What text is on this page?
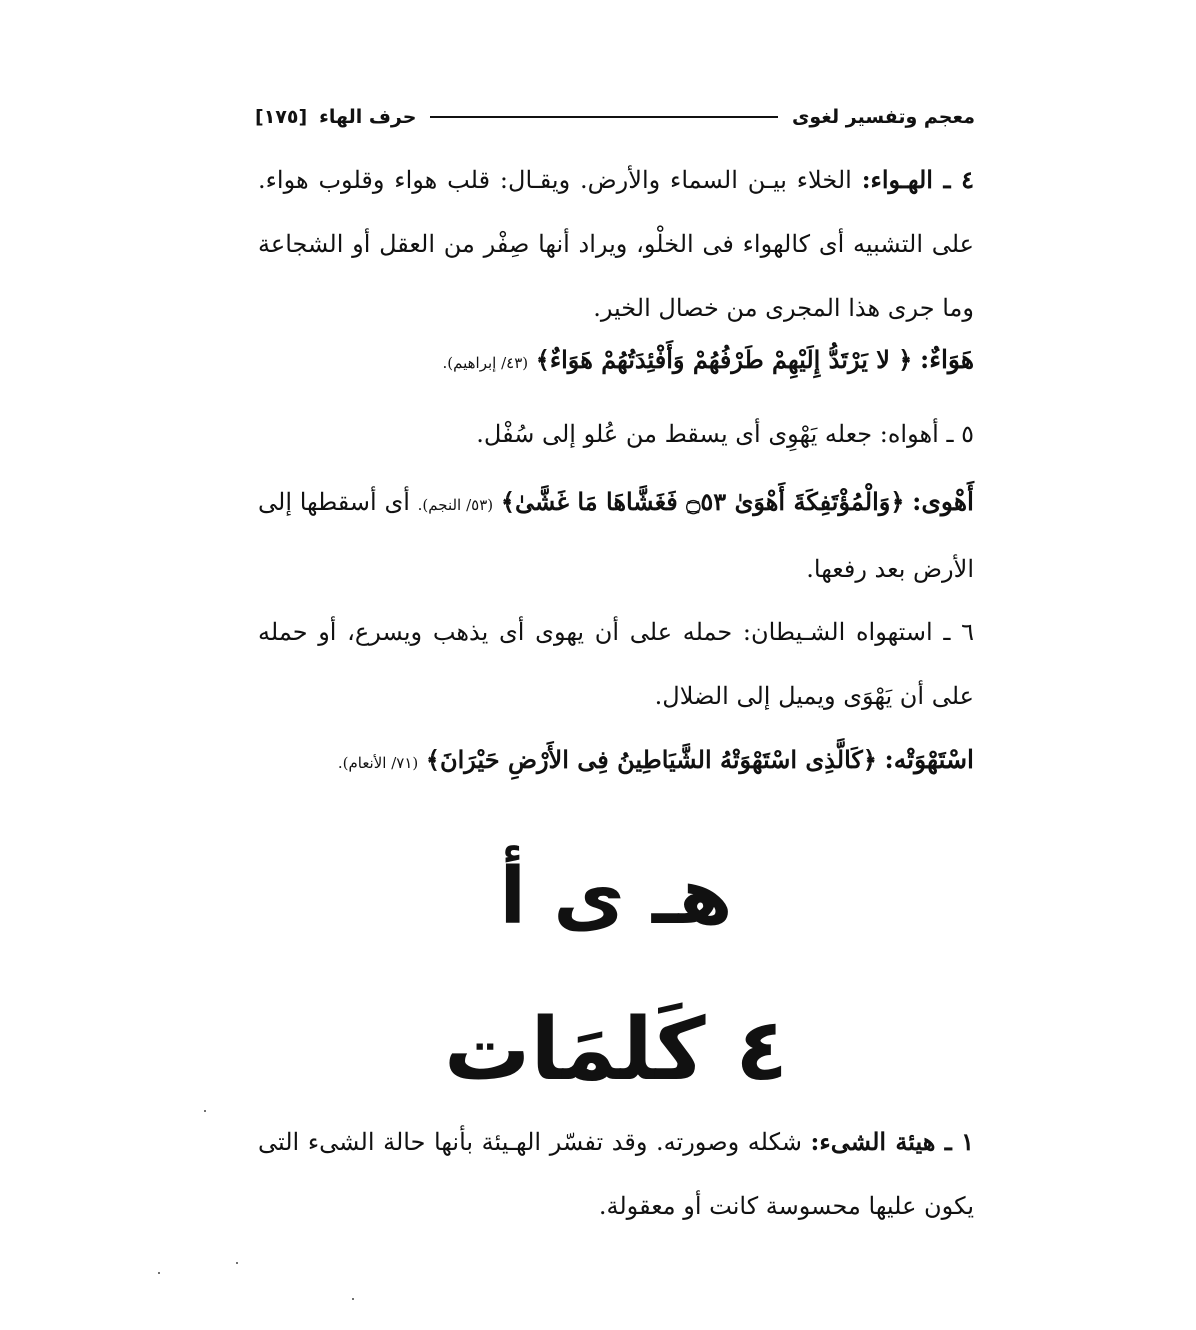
معجم وتفسير لغوى
حرف الهاء
[١٧٥]
٤ ـ الهـواء: الخلاء بيـن السماء والأرض. ويقـال: قلب هواء وقلوب هواء. على التشبيه أى كالهواء فى الخلْو، ويراد أنها صِفْر من العقل أو الشجاعة وما جرى هذا المجرى من خصال الخير.
هَوَاءٌ: ﴿ لا يَرْتَدُّ إِلَيْهِمْ طَرْفُهُمْ وَأَفْئِدَتُهُمْ هَوَاءٌ﴾ (٤٣/ إبراهيم).
٥ ـ أهواه: جعله يَهْوِى أى يسقط من عُلو إلى سُفْل.
أَهْوى: ﴿وَالْمُؤْتَفِكَةَ أَهْوَىٰ ۝٥٣ فَغَشَّاهَا مَا غَشَّىٰ﴾ (٥٣/ النجم). أى أسقطها إلى الأرض بعد رفعها.
٦ ـ استهواه الشـيطان: حمله على أن يهوى أى يذهب ويسرع، أو حمله على أن يَهْوَى ويميل إلى الضلال.
اسْتَهْوَتْه: ﴿كَالَّذِى اسْتَهْوَتْهُ الشَّيَاطِينُ فِى الأَرْضِ حَيْرَانَ﴾ (٧١/ الأنعام).
هـ ى أ
٤ كَلمَات
١ ـ هيئة الشىء: شكله وصورته. وقد تفسّر الهـيئة بأنها حالة الشىء التى يكون عليها محسوسة كانت أو معقولة.
